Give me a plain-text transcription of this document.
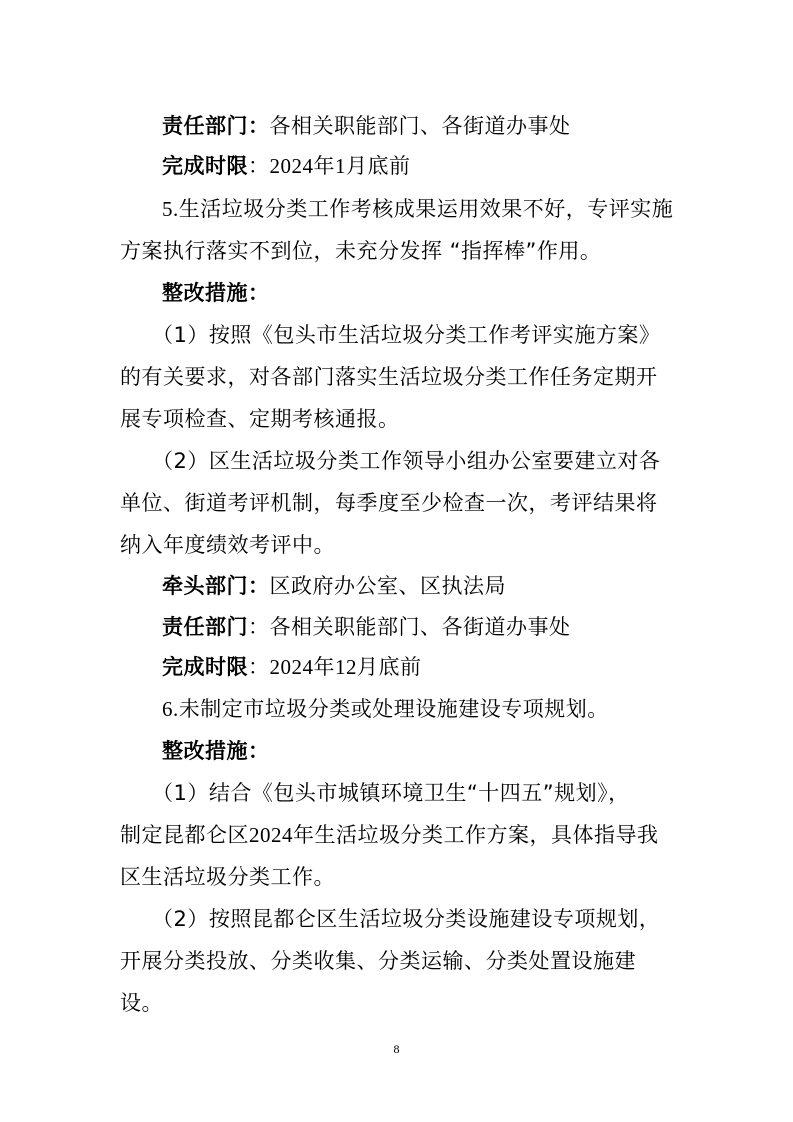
责任部门：各相关职能部门、各街道办事处
完成时限：2024年1月底前
5.生活垃圾分类工作考核成果运用效果不好，专评实施
方案执行落实不到位，未充分发挥 “指挥棒”作用。
整改措施：
（1）按照《包头市生活垃圾分类工作考评实施方案》
的有关要求，对各部门落实生活垃圾分类工作任务定期开
展专项检查、定期考核通报。
（2）区生活垃圾分类工作领导小组办公室要建立对各
单位、街道考评机制，每季度至少检查一次，考评结果将
纳入年度绩效考评中。
牵头部门：区政府办公室、区执法局
责任部门：各相关职能部门、各街道办事处
完成时限：2024年12月底前
6.未制定市垃圾分类或处理设施建设专项规划。
整改措施：
（1）结合《包头市城镇环境卫生“十四五”规划》，
制定昆都仑区2024年生活垃圾分类工作方案，具体指导我
区生活垃圾分类工作。
（2）按照昆都仑区生活垃圾分类设施建设专项规划，
开展分类投放、分类收集、分类运输、分类处置设施建
设。
8
